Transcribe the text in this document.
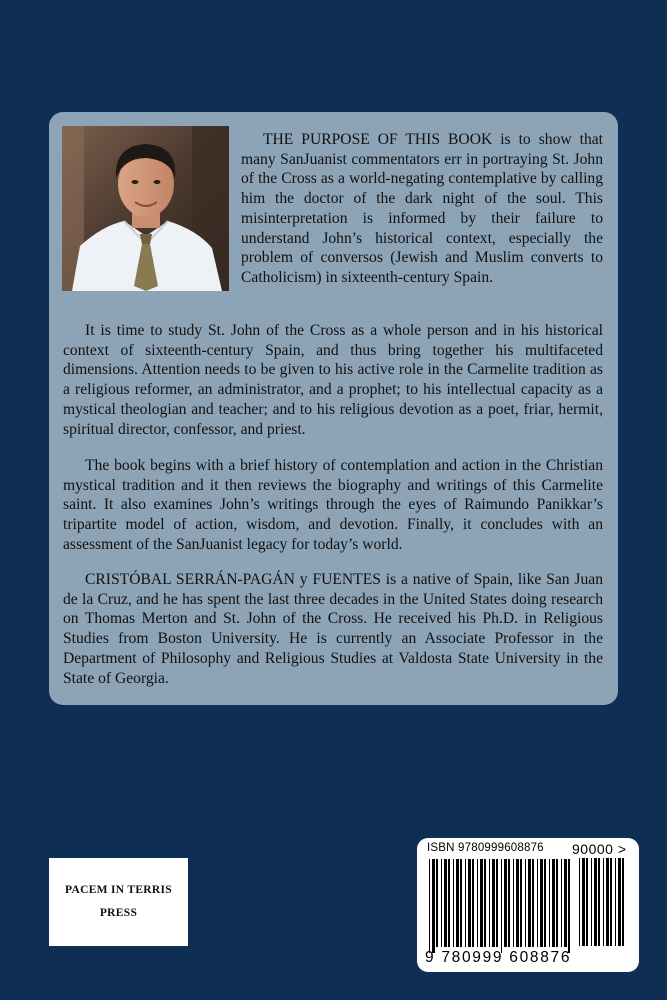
THE PURPOSE OF THIS BOOK is to show that many SanJuanist commentators err in portraying St. John of the Cross as a world-negating contemplative by calling him the doctor of the dark night of the soul. This misinterpretation is informed by their failure to understand John’s historical context, especially the problem of conversos (Jewish and Muslim converts to Catholicism) in sixteenth-century Spain.

It is time to study St. John of the Cross as a whole person and in his historical context of sixteenth-century Spain, and thus bring together his multifaceted dimensions. Attention needs to be given to his active role in the Carmelite tradition as a religious reformer, an administrator, and a prophet; to his intellectual capacity as a mystical theologian and teacher; and to his religious devotion as a poet, friar, hermit, spiritual director, confessor, and priest.

The book begins with a brief history of contemplation and action in the Christian mystical tradition and it then reviews the biography and writings of this Carmelite saint. It also examines John’s writings through the eyes of Raimundo Panikkar’s tripartite model of action, wisdom, and devotion. Finally, it concludes with an assessment of the SanJuanist legacy for today’s world.

CRISTÓBAL SERRÁN-PAGÁN y FUENTES is a native of Spain, like San Juan de la Cruz, and he has spent the last three decades in the United States doing research on Thomas Merton and St. John of the Cross. He received his Ph.D. in Religious Studies from Boston University. He is currently an Associate Professor in the Department of Philosophy and Religious Studies at Valdosta State University in the State of Georgia.

PACEM IN TERRIS
PRESS
ISBN 9780999608876 90000 >
9 780999 608876
